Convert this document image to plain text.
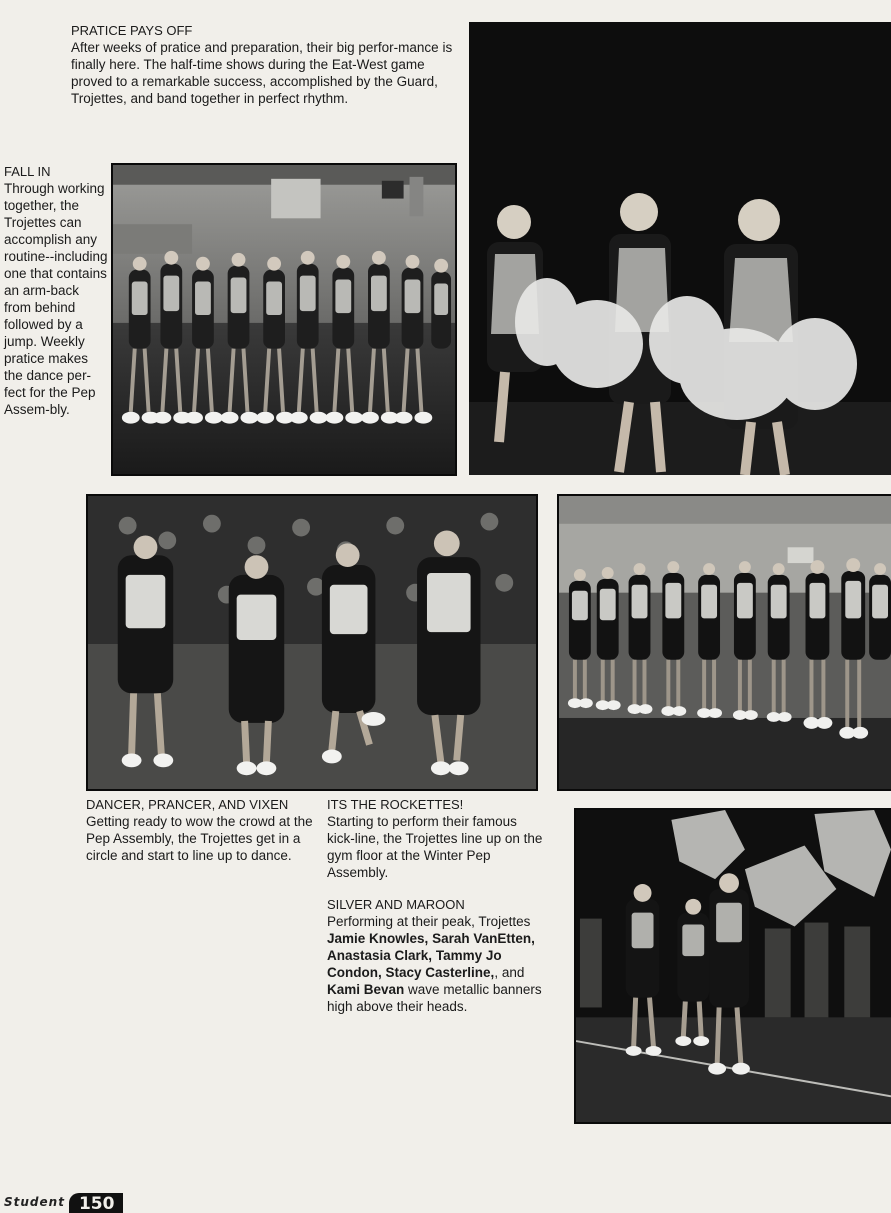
PRATICE PAYS OFF
After weeks of pratice and preparation, their big perfor-mance is finally here. The half-time shows during the Eat-West game proved to a remarkable success, accomplished by the Guard, Trojettes, and band together in perfect rhythm.
FALL IN
Through working together, the Trojettes can accomplish any routine--including one that contains an arm-back from behind followed by a jump. Weekly pratice makes the dance per-fect for the Pep Assem-bly.
DANCER, PRANCER, AND VIXEN
Getting ready to wow the crowd at the Pep Assembly, the Trojettes get in a circle and start to line up to dance.
ITS THE ROCKETTES!
Starting to perform their famous kick-line, the Trojettes line up on the gym floor at the Winter Pep Assembly.
SILVER AND MAROON
Performing at their peak, Trojettes Jamie Knowles, Sarah VanEtten, Anastasia Clark, Tammy Jo Condon, Stacy Casterline,, and Kami Bevan wave metallic banners high above their heads.
Student 150
